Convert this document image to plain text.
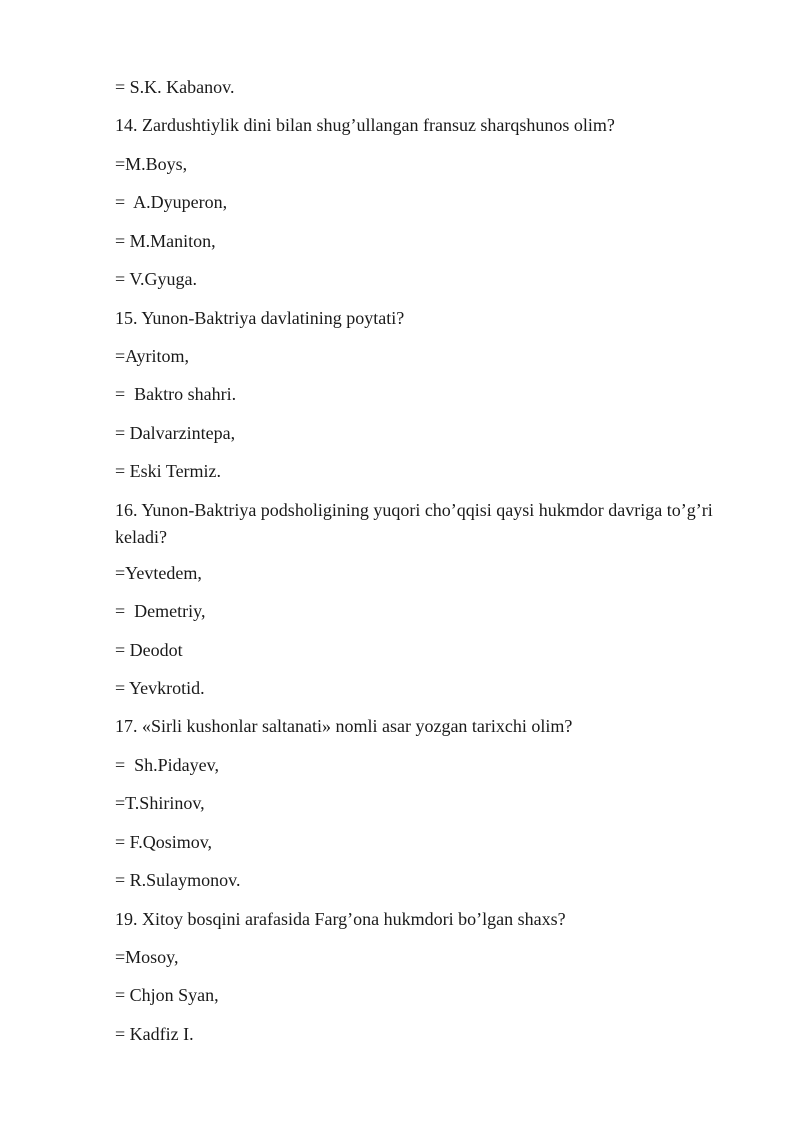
= S.K. Kabanov.

14. Zardushtiylik dini bilan shug’ullangan fransuz sharqshunos olim?

=M.Boys,

=  A.Dyuperon,

= M.Maniton,

= V.Gyuga.

15. Yunon-Baktriya davlatining poytati?

=Ayritom,

=  Baktro shahri.

= Dalvarzintepa,

= Eski Termiz.

16. Yunon-Baktriya podsholigining yuqori cho’qqisi qaysi hukmdor davriga to’g’ri keladi?

=Yevtedem,

=  Demetriy,

= Deodot

= Yevkrotid.

17. «Sirli kushonlar saltanati» nomli asar yozgan tarixchi olim?

=  Sh.Pidayev,

=T.Shirinov,

= F.Qosimov,

= R.Sulaymonov.

19. Xitoy bosqini arafasida Farg’ona hukmdori bo’lgan shaxs?

=Mosoy,

= Chjon Syan,

= Kadfiz I.
